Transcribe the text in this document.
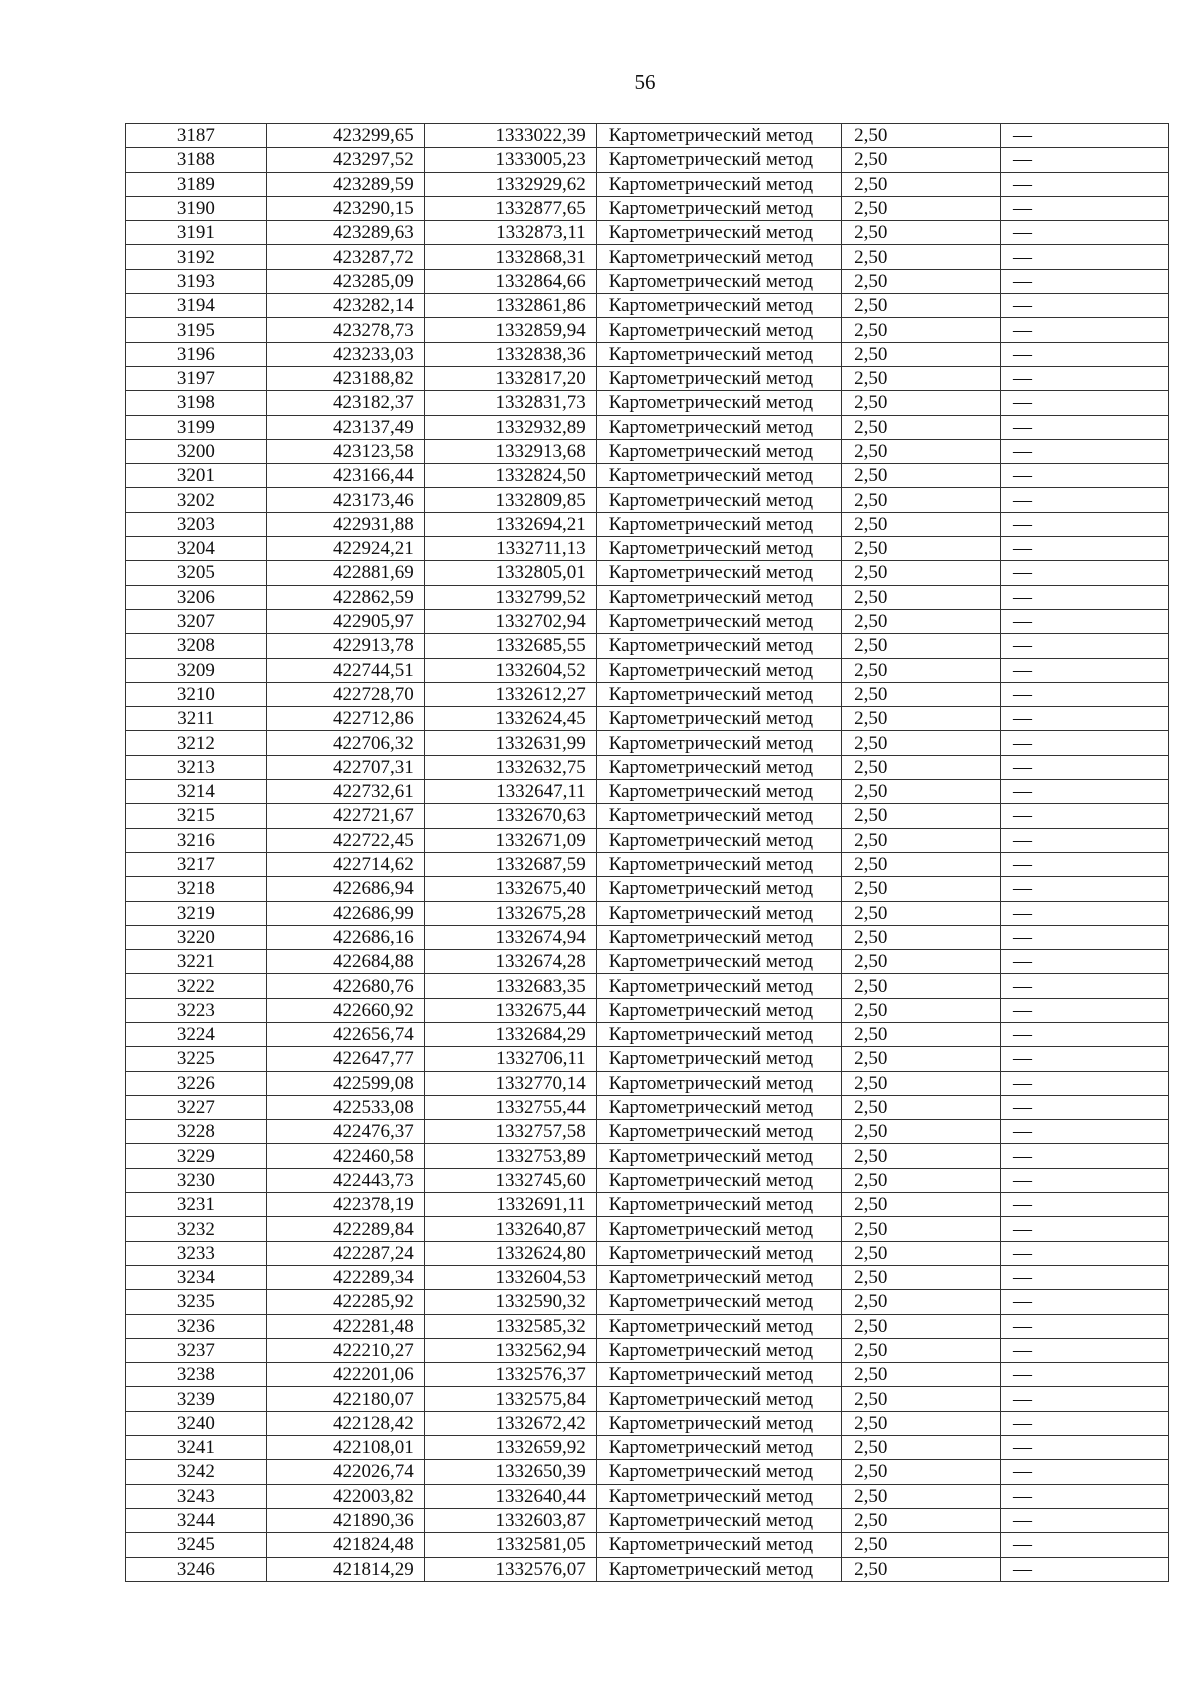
56
3187	423299,65	1333022,39	Картометрический метод	2,50	—
3188	423297,52	1333005,23	Картометрический метод	2,50	—
3189	423289,59	1332929,62	Картометрический метод	2,50	—
3190	423290,15	1332877,65	Картометрический метод	2,50	—
3191	423289,63	1332873,11	Картометрический метод	2,50	—
3192	423287,72	1332868,31	Картометрический метод	2,50	—
3193	423285,09	1332864,66	Картометрический метод	2,50	—
3194	423282,14	1332861,86	Картометрический метод	2,50	—
3195	423278,73	1332859,94	Картометрический метод	2,50	—
3196	423233,03	1332838,36	Картометрический метод	2,50	—
3197	423188,82	1332817,20	Картометрический метод	2,50	—
3198	423182,37	1332831,73	Картометрический метод	2,50	—
3199	423137,49	1332932,89	Картометрический метод	2,50	—
3200	423123,58	1332913,68	Картометрический метод	2,50	—
3201	423166,44	1332824,50	Картометрический метод	2,50	—
3202	423173,46	1332809,85	Картометрический метод	2,50	—
3203	422931,88	1332694,21	Картометрический метод	2,50	—
3204	422924,21	1332711,13	Картометрический метод	2,50	—
3205	422881,69	1332805,01	Картометрический метод	2,50	—
3206	422862,59	1332799,52	Картометрический метод	2,50	—
3207	422905,97	1332702,94	Картометрический метод	2,50	—
3208	422913,78	1332685,55	Картометрический метод	2,50	—
3209	422744,51	1332604,52	Картометрический метод	2,50	—
3210	422728,70	1332612,27	Картометрический метод	2,50	—
3211	422712,86	1332624,45	Картометрический метод	2,50	—
3212	422706,32	1332631,99	Картометрический метод	2,50	—
3213	422707,31	1332632,75	Картометрический метод	2,50	—
3214	422732,61	1332647,11	Картометрический метод	2,50	—
3215	422721,67	1332670,63	Картометрический метод	2,50	—
3216	422722,45	1332671,09	Картометрический метод	2,50	—
3217	422714,62	1332687,59	Картометрический метод	2,50	—
3218	422686,94	1332675,40	Картометрический метод	2,50	—
3219	422686,99	1332675,28	Картометрический метод	2,50	—
3220	422686,16	1332674,94	Картометрический метод	2,50	—
3221	422684,88	1332674,28	Картометрический метод	2,50	—
3222	422680,76	1332683,35	Картометрический метод	2,50	—
3223	422660,92	1332675,44	Картометрический метод	2,50	—
3224	422656,74	1332684,29	Картометрический метод	2,50	—
3225	422647,77	1332706,11	Картометрический метод	2,50	—
3226	422599,08	1332770,14	Картометрический метод	2,50	—
3227	422533,08	1332755,44	Картометрический метод	2,50	—
3228	422476,37	1332757,58	Картометрический метод	2,50	—
3229	422460,58	1332753,89	Картометрический метод	2,50	—
3230	422443,73	1332745,60	Картометрический метод	2,50	—
3231	422378,19	1332691,11	Картометрический метод	2,50	—
3232	422289,84	1332640,87	Картометрический метод	2,50	—
3233	422287,24	1332624,80	Картометрический метод	2,50	—
3234	422289,34	1332604,53	Картометрический метод	2,50	—
3235	422285,92	1332590,32	Картометрический метод	2,50	—
3236	422281,48	1332585,32	Картометрический метод	2,50	—
3237	422210,27	1332562,94	Картометрический метод	2,50	—
3238	422201,06	1332576,37	Картометрический метод	2,50	—
3239	422180,07	1332575,84	Картометрический метод	2,50	—
3240	422128,42	1332672,42	Картометрический метод	2,50	—
3241	422108,01	1332659,92	Картометрический метод	2,50	—
3242	422026,74	1332650,39	Картометрический метод	2,50	—
3243	422003,82	1332640,44	Картометрический метод	2,50	—
3244	421890,36	1332603,87	Картометрический метод	2,50	—
3245	421824,48	1332581,05	Картометрический метод	2,50	—
3246	421814,29	1332576,07	Картометрический метод	2,50	—
